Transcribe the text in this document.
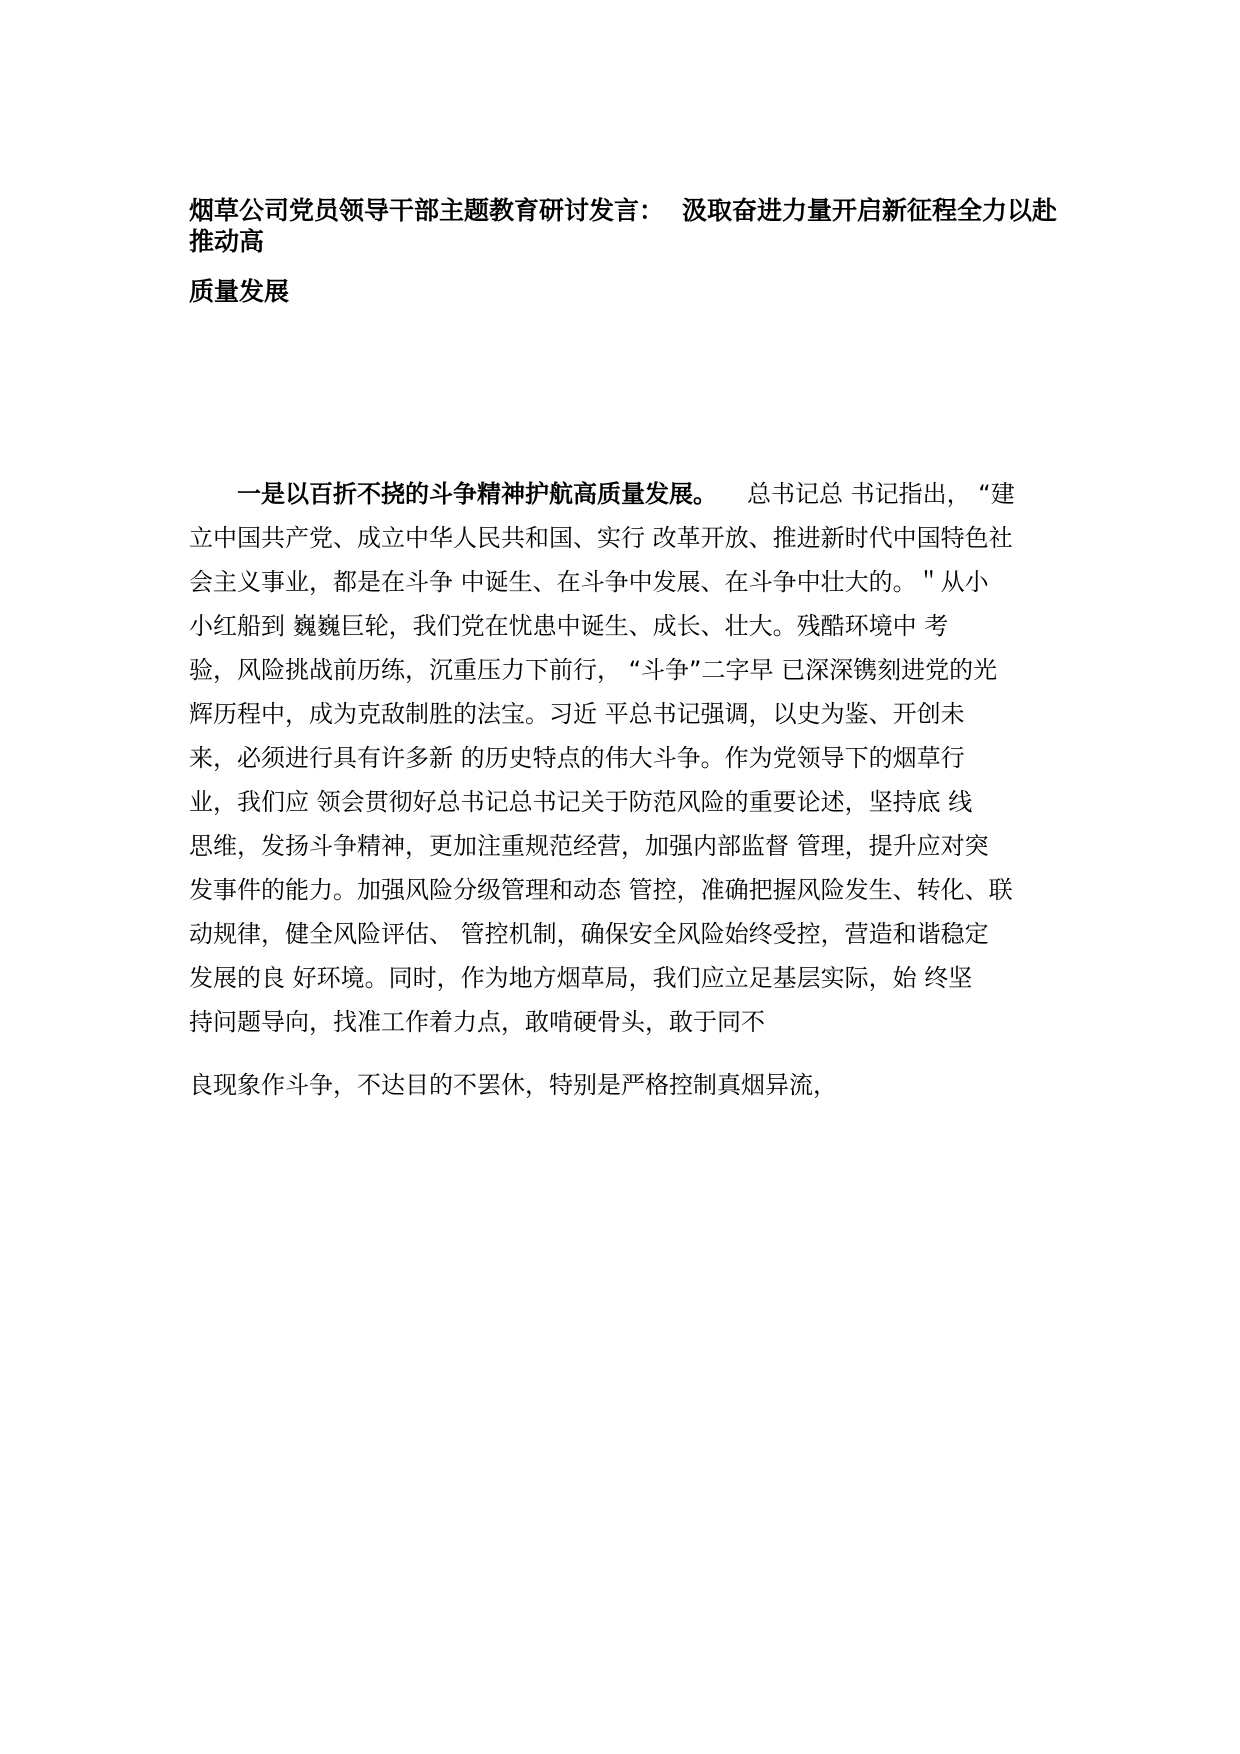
烟草公司党员领导干部主题教育研讨发言： 汲取奋进力量开启新征程全力以赴
推动高
质量发展

一是以百折不挠的斗争精神护航高质量发展。 总书记总 书记指出， “建

立中国共产党、成立中华人民共和国、实行 改革开放、推进新时代中国特色社

会主义事业，都是在斗争 中诞生、在斗争中发展、在斗争中壮大的。＂从小

小红船到 巍巍巨轮，我们党在忧患中诞生、成长、壮大。残酷环境中 考

验，风险挑战前历练，沉重压力下前行， “斗争”二字早 已深深镌刻进党的光

辉历程中，成为克敌制胜的法宝。习近 平总书记强调，以史为鉴、开创未

来，必须进行具有许多新 的历史特点的伟大斗争。作为党领导下的烟草行

业，我们应 领会贯彻好总书记总书记关于防范风险的重要论述，坚持底 线

思维，发扬斗争精神，更加注重规范经营，加强内部监督 管理，提升应对突

发事件的能力。加强风险分级管理和动态 管控，准确把握风险发生、转化、联

动规律，健全风险评估、 管控机制，确保安全风险始终受控，营造和谐稳定

发展的良 好环境。同时，作为地方烟草局，我们应立足基层实际，始 终坚

持问题导向，找准工作着力点，敢啃硬骨头，敢于同不

良现象作斗争，不达目的不罢休，特别是严格控制真烟异流，
